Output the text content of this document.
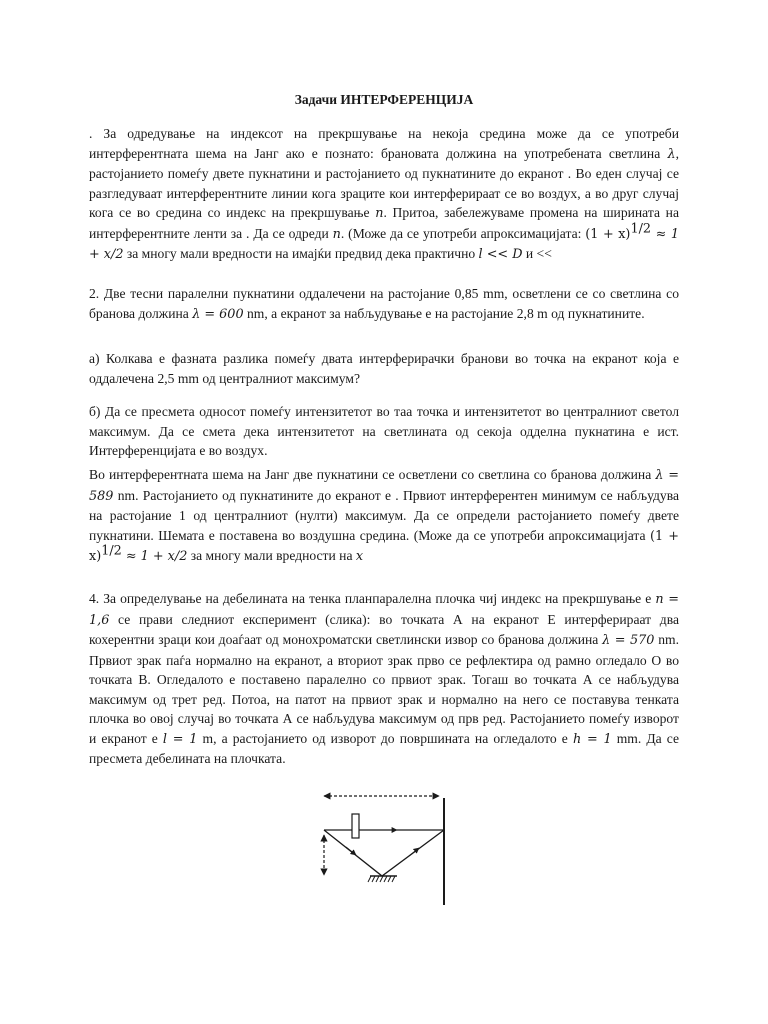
Задачи ИНТЕРФЕРЕНЦИЈА

. За одредување на индексот на прекршување на некоја средина може да се употреби интерферентната шема на Јанг ако е познато: брановата должина на употребената светлина λ, растојанието помеѓу двете пукнатини и растојанието од пукнатините до екранот . Во еден случај се разгледуваат интерферентните линии кога зраците кои интерферираат се во воздух, а во друг случај кога се во средина со индекс на прекршување n. Притоа, забележуваме промена на ширината на интерферентните ленти за . Да се одреди n. (Може да се употреби апроксимацијата: $(1 + x)^{1/2} \approx 1 + x/2$ за многу мали вредности на имајќи предвид дека практично l << D и <<

2. Две тесни паралелни пукнатини оддалечени на растојание 0,85 mm, осветлени се со светлина со бранова должина λ = 600 nm, а екранот за набљудување е на растојание 2,8 m од пукнатините.

а) Колкава е фазната разлика помеѓу двата интерферирачки бранови во точка на екранот која е оддалечена 2,5 mm од централниот максимум?

б) Да се пресмета односот помеѓу интензитетот во таа точка и интензитетот во централниот светол максимум. Да се смета дека интензитетот на светлината од секоја одделна пукнатина е ист. Интерференцијата е во воздух.

Во интерферентната шема на Јанг две пукнатини се осветлени со светлина со бранова должина λ = 589 nm. Растојанието од пукнатините до екранот е . Првиот интерферентен минимум се набљудува на растојание 1 од централниот (нулти) максимум. Да се определи растојанието помеѓу двете пукнатини. Шемата е поставена во воздушна средина. (Може да се употреби апроксимацијата $(1 + x)^{1/2} \approx 1 + x/2$ за многу мали вредности на x

4. За определување на дебелината на тенка планпаралелна плочка чиј индекс на прекршување е n = 1,6 се прави следниот експеримент (слика): во точката А на екранот Е интерферираат два кохерентни зраци кои доаѓаат од монохроматски светлински извор со бранова должина λ = 570 nm. Првиот зрак паѓа нормално на екранот, а вториот зрак прво се рефлектира од рамно огледало О во точката В. Огледалото е поставено паралелно со првиот зрак. Тогаш во точката А се набљудува максимум од трет ред. Потоа, на патот на првиот зрак и нормално на него се поставува тенката плочка во овој случај во точката А се набљудува максимум од прв ред. Растојанието помеѓу изворот и екранот е l = 1 m, а растојанието од изворот до површината на огледалото е h = 1 mm. Да се пресмета дебелината на плочката.
